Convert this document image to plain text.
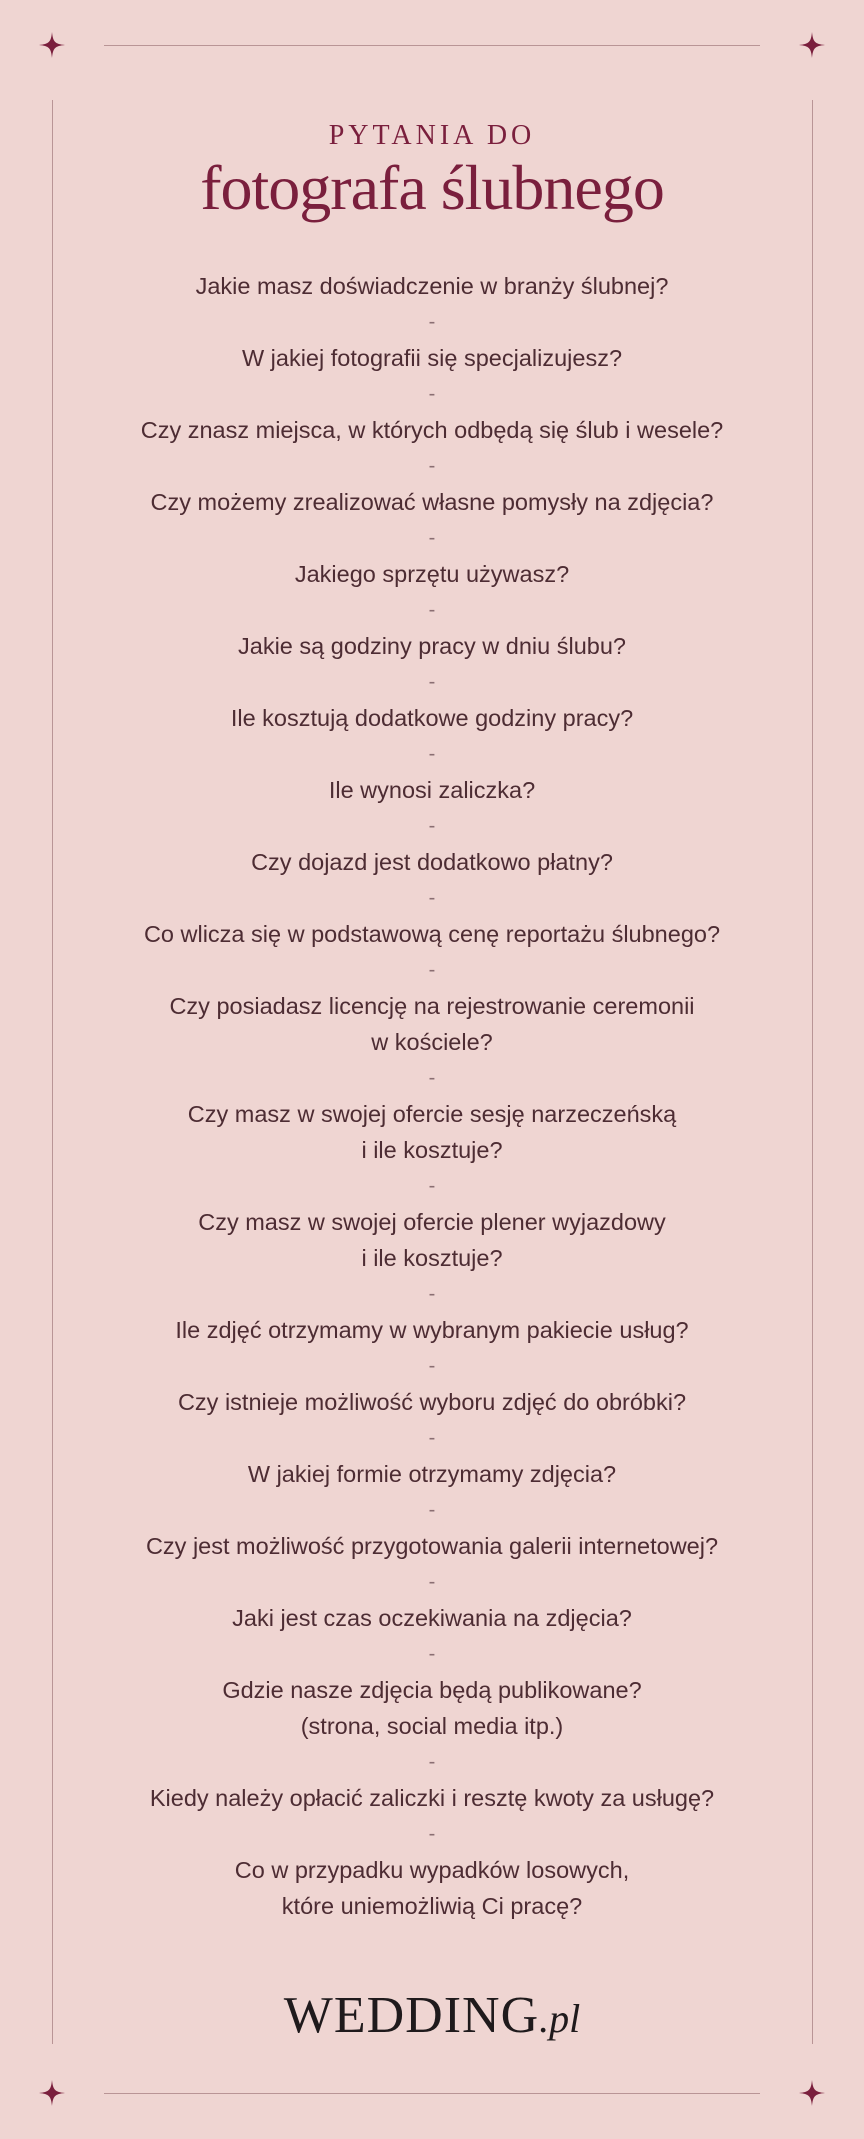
PYTANIA DO
fotografa ślubnego
Jakie masz doświadczenie w branży ślubnej?
-
W jakiej fotografii się specjalizujesz?
-
Czy znasz miejsca, w których odbędą się ślub i wesele?
-
Czy możemy zrealizować własne pomysły na zdjęcia?
-
Jakiego sprzętu używasz?
-
Jakie są godziny pracy w dniu ślubu?
-
Ile kosztują dodatkowe godziny pracy?
-
Ile wynosi zaliczka?
-
Czy dojazd jest dodatkowo płatny?
-
Co wlicza się w podstawową cenę reportażu ślubnego?
-
Czy posiadasz licencję na rejestrowanie ceremonii
w kościele?
-
Czy masz w swojej ofercie sesję narzeczeńską
i ile kosztuje?
-
Czy masz w swojej ofercie plener wyjazdowy
i ile kosztuje?
-
Ile zdjęć otrzymamy w wybranym pakiecie usług?
-
Czy istnieje możliwość wyboru zdjęć do obróbki?
-
W jakiej formie otrzymamy zdjęcia?
-
Czy jest możliwość przygotowania galerii internetowej?
-
Jaki jest czas oczekiwania na zdjęcia?
-
Gdzie nasze zdjęcia będą publikowane?
(strona, social media itp.)
-
Kiedy należy opłacić zaliczki i resztę kwoty za usługę?
-
Co w przypadku wypadków losowych,
które uniemożliwią Ci pracę?
WEDDING.pl
